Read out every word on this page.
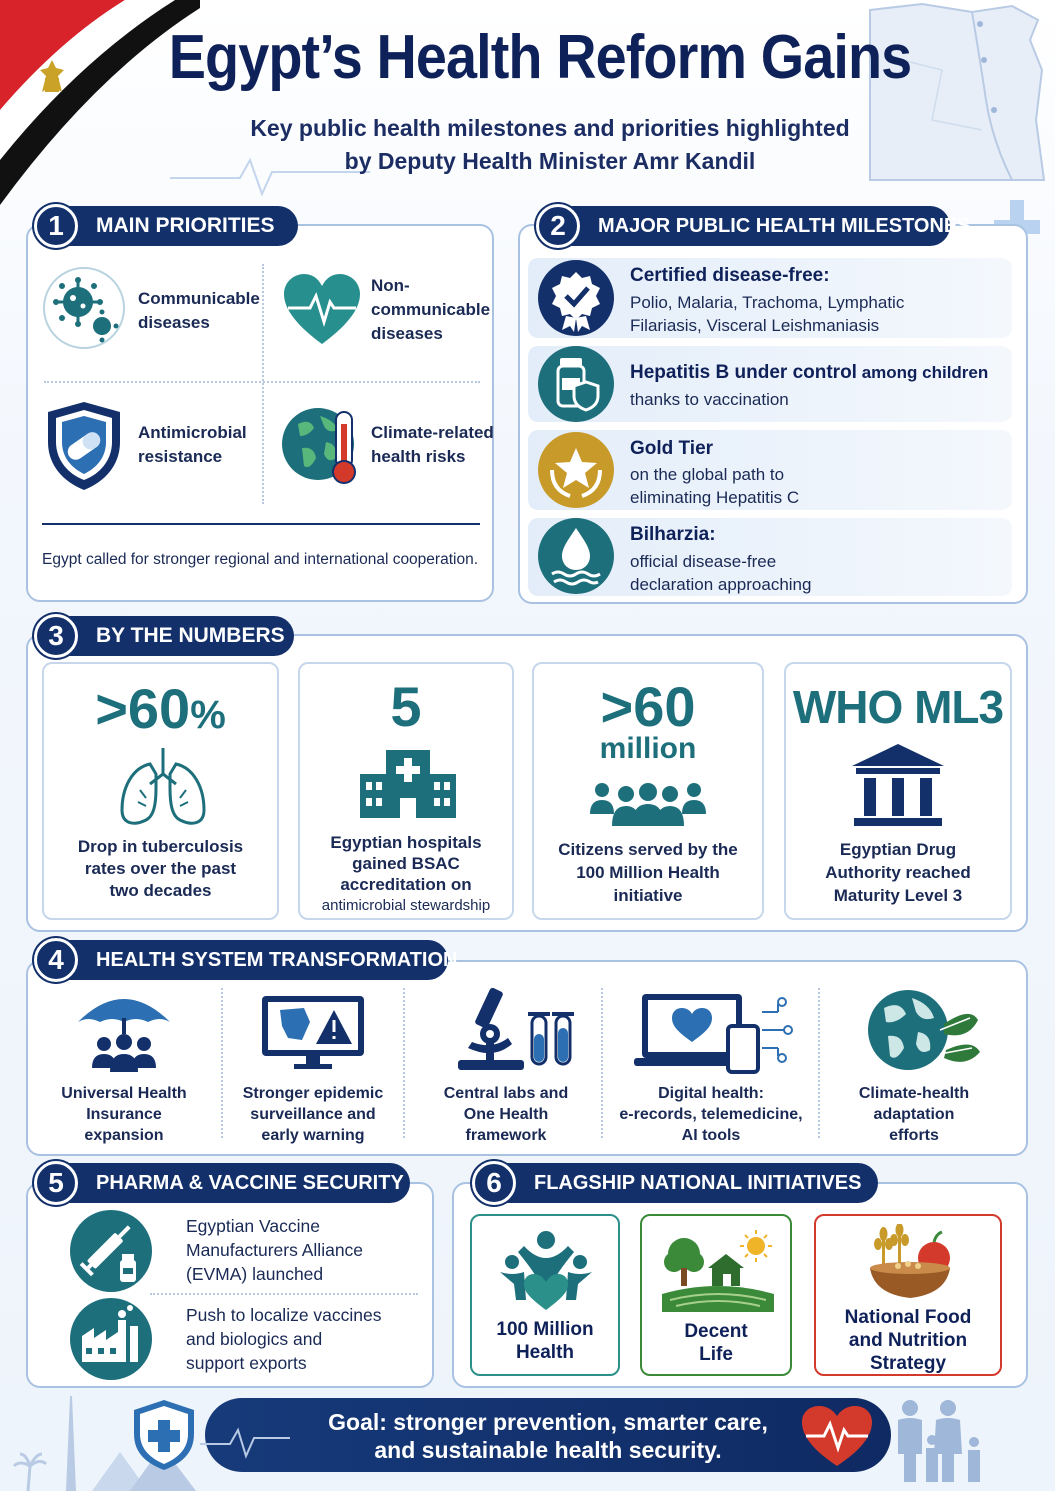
Egypt’s Health Reform Gains
Key public health milestones and priorities highlighted
by Deputy Health Minister Amr Kandil
1	MAIN PRIORITIES
Communicable
diseases
Non-
communicable
diseases
Antimicrobial
resistance
Climate-related
health risks
Egypt called for stronger regional and international cooperation.
2	MAJOR PUBLIC HEALTH MILESTONES
Certified disease-free:
Polio, Malaria, Trachoma, Lymphatic
Filariasis, Visceral Leishmaniasis
Hepatitis B under control among children
thanks to vaccination
Gold Tier
on the global path to
eliminating Hepatitis C
Bilharzia:
official disease-free
declaration approaching
3	BY THE NUMBERS
>60%
Drop in tuberculosis
rates over the past
two decades
5
Egyptian hospitals
gained BSAC
accreditation on
antimicrobial stewardship
>60
million
Citizens served by the
100 Million Health
initiative
WHO ML3
Egyptian Drug
Authority reached
Maturity Level 3
4	HEALTH SYSTEM TRANSFORMATION
Universal Health
Insurance
expansion
Stronger epidemic
surveillance and
early warning
Central labs and
One Health
framework
Digital health:
e-records, telemedicine,
AI tools
Climate-health
adaptation
efforts
5	PHARMA & VACCINE SECURITY
Egyptian Vaccine
Manufacturers Alliance
(EVMA) launched
Push to localize vaccines
and biologics and
support exports
6	FLAGSHIP NATIONAL INITIATIVES
100 Million
Health
Decent
Life
National Food
and Nutrition
Strategy
Goal: stronger prevention, smarter care,
and sustainable health security.
